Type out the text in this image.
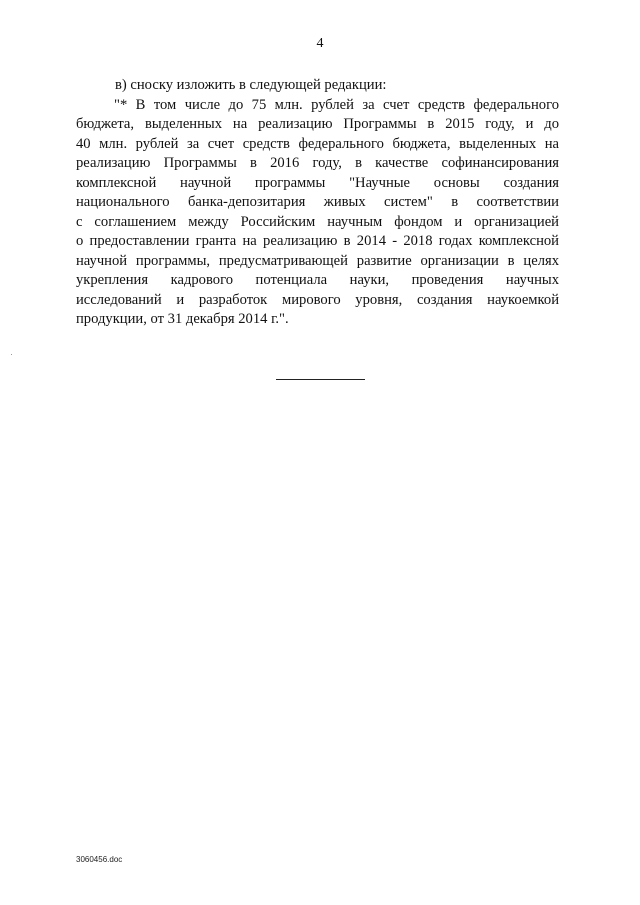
4
в) сноску изложить в следующей редакции:
"* В том числе до 75 млн. рублей за счет средств федерального
бюджета, выделенных на реализацию Программы в 2015 году, и до
40 млн. рублей за счет средств федерального бюджета, выделенных на
реализацию Программы в 2016 году, в качестве софинансирования
комплексной научной программы "Научные основы создания
национального банка-депозитария живых систем" в соответствии
с соглашением между Российским научным фондом и организацией
о предоставлении гранта на реализацию в 2014 - 2018 годах комплексной
научной программы, предусматривающей развитие организации в целях
укрепления кадрового потенциала науки, проведения научных
исследований и разработок мирового уровня, создания наукоемкой
продукции, от 31 декабря 2014 г.".
3060456.doc
